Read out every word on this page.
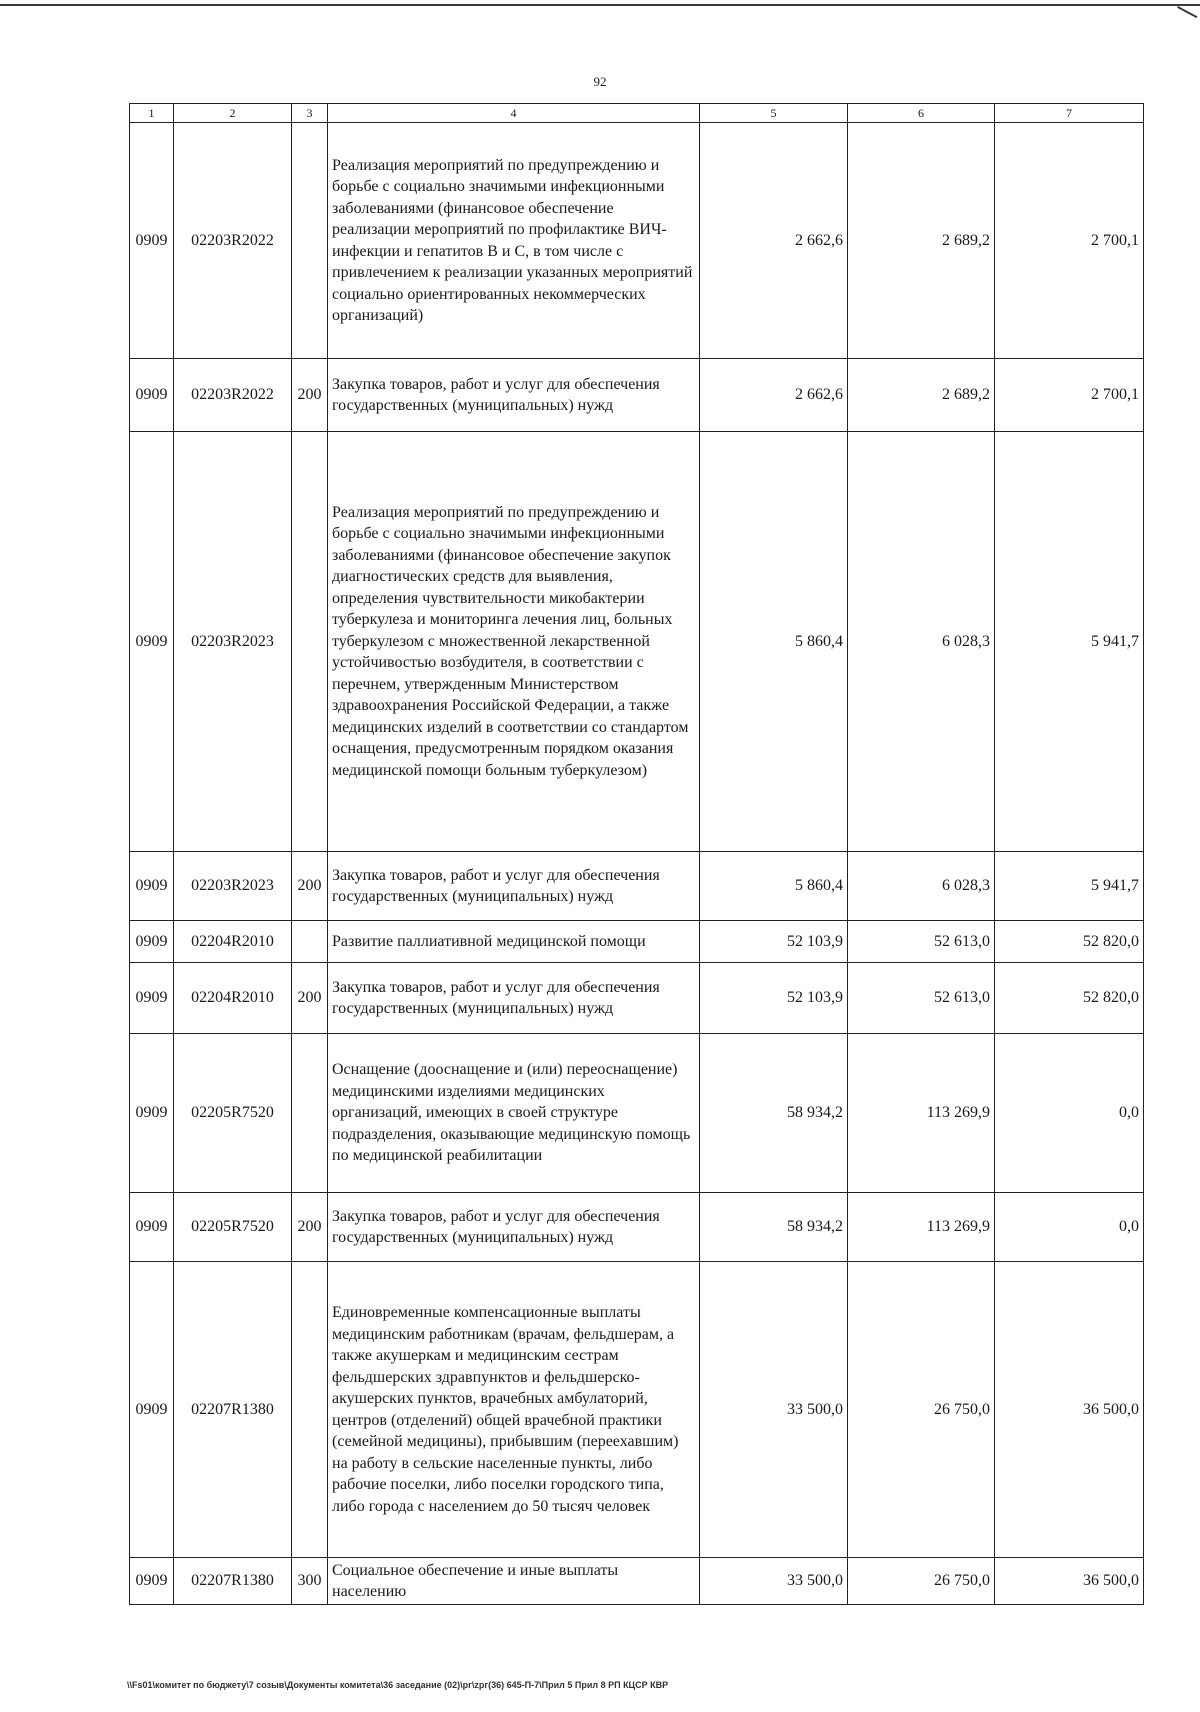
92
1	2	3	4	5	6	7
0909	02203R2022		Реализация мероприятий по предупреждению и борьбе с социально значимыми инфекционными заболеваниями (финансовое обеспечение реализации мероприятий по профилактике ВИЧ-инфекции и гепатитов В и С, в том числе с привлечением к реализации указанных мероприятий социально ориентированных некоммерческих организаций)	2 662,6	2 689,2	2 700,1
0909	02203R2022	200	Закупка товаров, работ и услуг для обеспечения государственных (муниципальных) нужд	2 662,6	2 689,2	2 700,1
0909	02203R2023		Реализация мероприятий по предупреждению и борьбе с социально значимыми инфекционными заболеваниями (финансовое обеспечение закупок диагностических средств для выявления, определения чувствительности микобактерии туберкулеза и мониторинга лечения лиц, больных туберкулезом с множественной лекарственной устойчивостью возбудителя, в соответствии с перечнем, утвержденным Министерством здравоохранения Российской Федерации, а также медицинских изделий в соответствии со стандартом оснащения, предусмотренным порядком оказания медицинской помощи больным туберкулезом)	5 860,4	6 028,3	5 941,7
0909	02203R2023	200	Закупка товаров, работ и услуг для обеспечения государственных (муниципальных) нужд	5 860,4	6 028,3	5 941,7
0909	02204R2010		Развитие паллиативной медицинской помощи	52 103,9	52 613,0	52 820,0
0909	02204R2010	200	Закупка товаров, работ и услуг для обеспечения государственных (муниципальных) нужд	52 103,9	52 613,0	52 820,0
0909	02205R7520		Оснащение (дооснащение и (или) переоснащение) медицинскими изделиями медицинских организаций, имеющих в своей структуре подразделения, оказывающие медицинскую помощь по медицинской реабилитации	58 934,2	113 269,9	0,0
0909	02205R7520	200	Закупка товаров, работ и услуг для обеспечения государственных (муниципальных) нужд	58 934,2	113 269,9	0,0
0909	02207R1380		Единовременные компенсационные выплаты медицинским работникам (врачам, фельдшерам, а также акушеркам и медицинским сестрам фельдшерских здравпунктов и фельдшерско-акушерских пунктов, врачебных амбулаторий, центров (отделений) общей врачебной практики (семейной медицины), прибывшим (переехавшим) на работу в сельские населенные пункты, либо рабочие поселки, либо поселки городского типа, либо города с населением до 50 тысяч человек	33 500,0	26 750,0	36 500,0
0909	02207R1380	300	Социальное обеспечение и иные выплаты населению	33 500,0	26 750,0	36 500,0
\\Fs01\комитет по бюджету\7 созыв\Документы комитета\36 заседание (02)\рг\zрг(36) 645-П-7\Прил 5 Прил 8 РП КЦСР КВР
